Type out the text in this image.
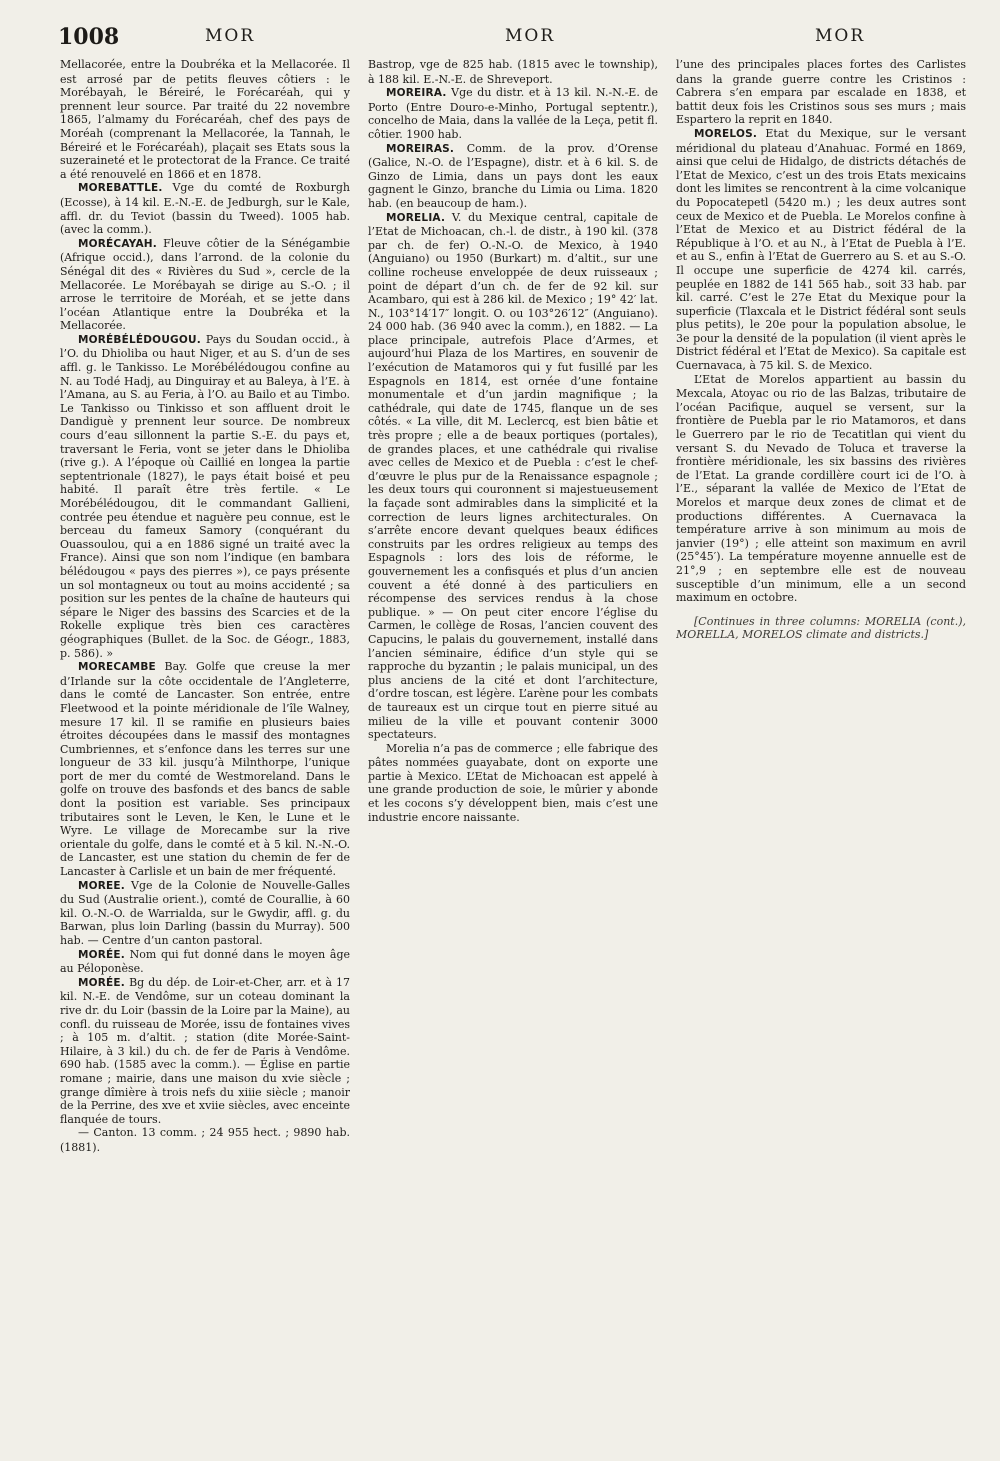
1008	MOR	MOR	MOR

Mellacorée, entre la Doubréka et la Mellacorée. Il est arrosé par de petits fleuves côtiers : le Morébayah, le Béreiré, le Forécaréah, qui y prennent leur source. Par traité du 22 novembre 1865, l’almamy du Forécaréah, chef des pays de Moréah (comprenant la Mellacorée, la Tannah, le Béreiré et le Forécaréah), plaçait ses Etats sous la suzeraineté et le protectorat de la France. Ce traité a été renouvelé en 1866 et en 1878.

MOREBATTLE. Vge du comté de Roxburgh (Ecosse), à 14 kil. E.-N.-E. de Jedburgh, sur le Kale, affl. dr. du Teviot (bassin du Tweed). 1005 hab. (avec la comm.).

MORÉCAYAH. Fleuve côtier de la Sénégambie (Afrique occid.), dans l’arrond. de la colonie du Sénégal dit des « Rivières du Sud », cercle de la Mellacorée. Le Morébayah se dirige au S.-O. ; il arrose le territoire de Moréah, et se jette dans l’océan Atlantique entre la Doubréka et la Mellacorée.

MORÉBÉLÉDOUGOU. Pays du Soudan occid., à l’O. du Dhioliba ou haut Niger, et au S. d’un de ses affl. g. le Tankisso. Le Morébélédougou confine au N. au Todé Hadj, au Dinguiray et au Baleya, à l’E. à l’Amana, au S. au Feria, à l’O. au Bailo et au Timbo. Le Tankisso ou Tinkisso et son affluent droit le Dandiguè y prennent leur source. De nombreux cours d’eau sillonnent la partie S.-E. du pays et, traversant le Feria, vont se jeter dans le Dhioliba (rive g.). A l’époque où Caillié en longea la partie septentrionale (1827), le pays était boisé et peu habité. Il paraît être très fertile. « Le Morébélédougou, dit le commandant Gallieni, contrée peu étendue et naguère peu connue, est le berceau du fameux Samory (conquérant du Ouassoulou, qui a en 1886 signé un traité avec la France). Ainsi que son nom l’indique (en bambara bélédougou « pays des pierres »), ce pays présente un sol montagneux ou tout au moins accidenté ; sa position sur les pentes de la chaîne de hauteurs qui sépare le Niger des bassins des Scarcies et de la Rokelle explique très bien ces caractères géographiques (Bullet. de la Soc. de Géogr., 1883, p. 586). »

MORECAMBE Bay. Golfe que creuse la mer d’Irlande sur la côte occidentale de l’Angleterre, dans le comté de Lancaster. Son entrée, entre Fleetwood et la pointe méridionale de l’île Walney, mesure 17 kil. Il se ramifie en plusieurs baies étroites découpées dans le massif des montagnes Cumbriennes, et s’enfonce dans les terres sur une longueur de 33 kil. jusqu’à Milnthorpe, l’unique port de mer du comté de Westmoreland. Dans le golfe on trouve des basfonds et des bancs de sable dont la position est variable. Ses principaux tributaires sont le Leven, le Ken, le Lune et le Wyre. Le village de Morecambe sur la rive orientale du golfe, dans le comté et à 5 kil. N.-N.-O. de Lancaster, est une station du chemin de fer de Lancaster à Carlisle et un bain de mer fréquenté.

MOREE. Vge de la Colonie de Nouvelle-Galles du Sud (Australie orient.), comté de Courallie, à 60 kil. O.-N.-O. de Warrialda, sur le Gwydir, affl. g. du Barwan, plus loin Darling (bassin du Murray). 500 hab. — Centre d’un canton pastoral.

MORÉE. Nom qui fut donné dans le moyen âge au Péloponèse.

MORÉE. Bg du dép. de Loir-et-Cher, arr. et à 17 kil. N.-E. de Vendôme, sur un coteau dominant la rive dr. du Loir (bassin de la Loire par la Maine), au confl. du ruisseau de Morée, issu de fontaines vives ; à 105 m. d’altit. ; station (dite Morée-Saint-Hilaire, à 3 kil.) du ch. de fer de Paris à Vendôme. 690 hab. (1585 avec la comm.). — Église en partie romane ; mairie, dans une maison du xvie siècle ; grange dîmière à trois nefs du xiiie siècle ; manoir de la Perrine, des xve et xviie siècles, avec enceinte flanquée de tours.

— Canton. 13 comm. ; 24 955 hect. ; 9890 hab. (1881).

Bastrop, vge de 825 hab. (1815 avec le township), à 188 kil. E.-N.-E. de Shreveport.

MOREIRA. Vge du distr. et à 13 kil. N.-N.-E. de Porto (Entre Douro-e-Minho, Portugal septentr.), concelho de Maia, dans la vallée de la Leça, petit fl. côtier. 1900 hab.

MOREIRAS. Comm. de la prov. d’Orense (Galice, N.-O. de l’Espagne), distr. et à 6 kil. S. de Ginzo de Limia, dans un pays dont les eaux gagnent le Ginzo, branche du Limia ou Lima. 1820 hab. (en beaucoup de ham.).

MORELIA. V. du Mexique central, capitale de l’Etat de Michoacan, ch.-l. de distr., à 190 kil. (378 par ch. de fer) O.-N.-O. de Mexico, à 1940 (Anguiano) ou 1950 (Burkart) m. d’altit., sur une colline rocheuse enveloppée de deux ruisseaux ; point de départ d’un ch. de fer de 92 kil. sur Acambaro, qui est à 286 kil. de Mexico ; 19° 42′ lat. N., 103°14′17″ longit. O. ou 103°26′12″ (Anguiano). 24 000 hab. (36 940 avec la comm.), en 1882. — La place principale, autrefois Place d’Armes, et aujourd’hui Plaza de los Martires, en souvenir de l’exécution de Matamoros qui y fut fusillé par les Espagnols en 1814, est ornée d’une fontaine monumentale et d’un jardin magnifique ; la cathédrale, qui date de 1745, flanque un de ses côtés. « La ville, dit M. Leclercq, est bien bâtie et très propre ; elle a de beaux portiques (portales), de grandes places, et une cathédrale qui rivalise avec celles de Mexico et de Puebla : c’est le chef-d’œuvre le plus pur de la Renaissance espagnole ; les deux tours qui couronnent si majestueusement la façade sont admirables dans la simplicité et la correction de leurs lignes architecturales. On s’arrête encore devant quelques beaux édifices construits par les ordres religieux au temps des Espagnols : lors des lois de réforme, le gouvernement les a confisqués et plus d’un ancien couvent a été donné à des particuliers en récompense des services rendus à la chose publique. » — On peut citer encore l’église du Carmen, le collège de Rosas, l’ancien couvent des Capucins, le palais du gouvernement, installé dans l’ancien séminaire, édifice d’un style qui se rapproche du byzantin ; le palais municipal, un des plus anciens de la cité et dont l’architecture, d’ordre toscan, est légère. L’arène pour les combats de taureaux est un cirque tout en pierre situé au milieu de la ville et pouvant contenir 3000 spectateurs.

Morelia n’a pas de commerce ; elle fabrique des pâtes nommées guayabate, dont on exporte une partie à Mexico. L’Etat de Michoacan est appelé à une grande production de soie, le mûrier y abonde et les cocons s’y développent bien, mais c’est une industrie encore naissante.

l’une des principales places fortes des Carlistes dans la grande guerre contre les Cristinos : Cabrera s’en empara par escalade en 1838, et battit deux fois les Cristinos sous ses murs ; mais Espartero la reprit en 1840.

MORELOS. Etat du Mexique, sur le versant méridional du plateau d’Anahuac. Formé en 1869, ainsi que celui de Hidalgo, de districts détachés de l’Etat de Mexico, c’est un des trois Etats mexicains dont les limites se rencontrent à la cime volcanique du Popocatepetl (5420 m.) ; les deux autres sont ceux de Mexico et de Puebla. Le Morelos confine à l’Etat de Mexico et au District fédéral de la République à l’O. et au N., à l’Etat de Puebla à l’E. et au S., enfin à l’Etat de Guerrero au S. et au S.-O. Il occupe une superficie de 4274 kil. carrés, peuplée en 1882 de 141 565 hab., soit 33 hab. par kil. carré. C’est le 27e Etat du Mexique pour la superficie (Tlaxcala et le District fédéral sont seuls plus petits), le 20e pour la population absolue, le 3e pour la densité de la population (il vient après le District fédéral et l’Etat de Mexico). Sa capitale est Cuernavaca, à 75 kil. S. de Mexico.

L’Etat de Morelos appartient au bassin du Mexcala, Atoyac ou rio de las Balzas, tributaire de l’océan Pacifique, auquel se versent, sur la frontière de Puebla par le rio Matamoros, et dans le Guerrero par le rio de Tecatitlan qui vient du versant S. du Nevado de Toluca et traverse la frontière méridionale, les six bassins des rivières de l’Etat. La grande cordillère court ici de l’O. à l’E., séparant la vallée de Mexico de l’Etat de Morelos et marque deux zones de climat et de productions différentes. A Cuernavaca la température arrive à son minimum au mois de janvier (19°) ; elle atteint son maximum en avril (25°45′). La température moyenne annuelle est de 21°,9 ; en septembre elle est de nouveau susceptible d’un minimum, elle a un second maximum en octobre.

[Continues in three columns: MORELIA (cont.), MORELLA, MORELOS climate and districts.]
